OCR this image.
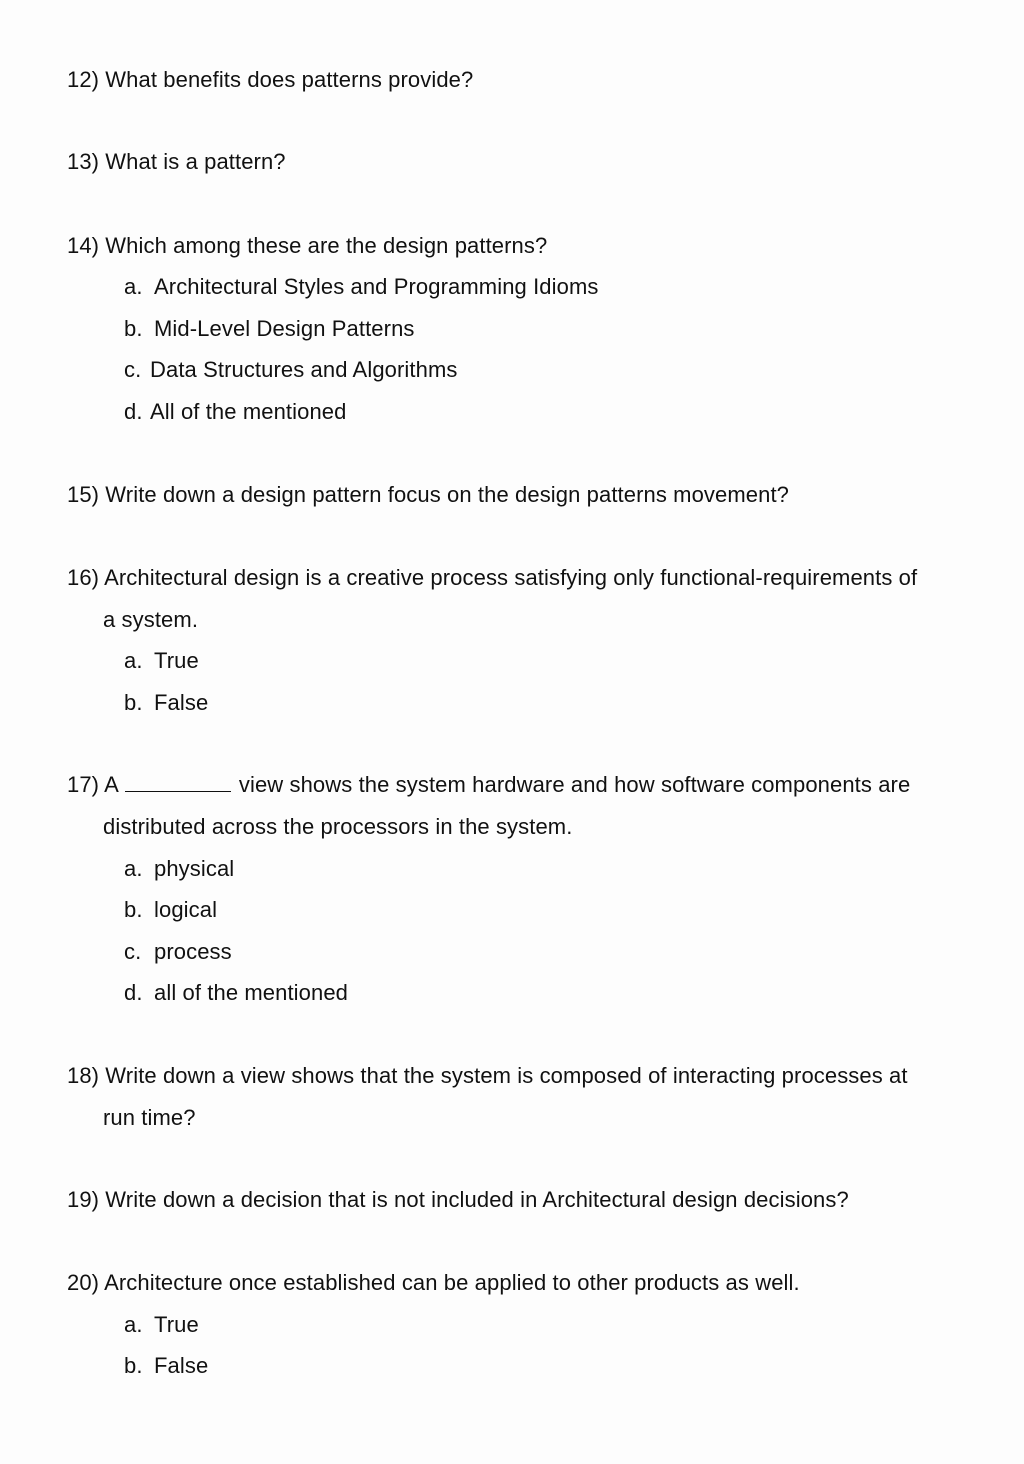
12) What benefits does patterns provide?
13) What is a pattern?
14) Which among these are the design patterns?
a. Architectural Styles and Programming Idioms
b. Mid-Level Design Patterns
c. Data Structures and Algorithms
d. All of the mentioned
15) Write down a design pattern focus on the design patterns movement?
16) Architectural design is a creative process satisfying only functional-requirements of
a system.
a. True
b. False
17) A	view shows the system hardware and how software components are
distributed across the processors in the system.
a. physical
b. logical
c. process
d. all of the mentioned
18) Write down a view shows that the system is composed of interacting processes at
run time?
19) Write down a decision that is not included in Architectural design decisions?
20) Architecture once established can be applied to other products as well.
a. True
b. False
